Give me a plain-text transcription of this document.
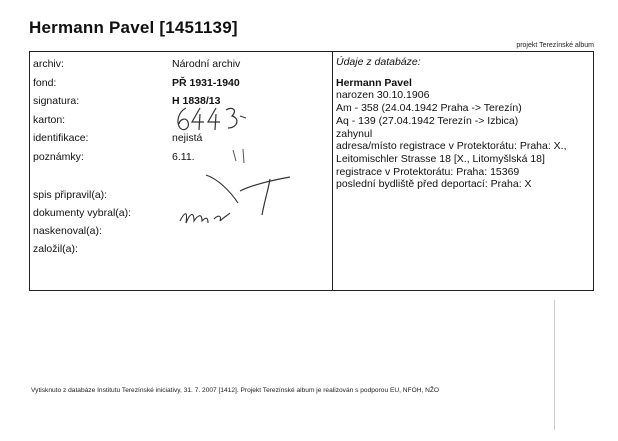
Hermann Pavel [1451139]
projekt Terezínské album
archiv:	Národní archiv
fond:	PŘ 1931-1940
signatura:	H 1838/13
karton:
identifikace:	nejistá
poznámky:	6.11.
spis připravil(a):
dokumenty vybral(a):
naskenoval(a):
založil(a):
Údaje z databáze:
Hermann Pavel
narozen 30.10.1906
Am - 358 (24.04.1942 Praha -> Terezín)
Aq - 139 (27.04.1942 Terezín -> Izbica)
zahynul
adresa/místo registrace v Protektorátu: Praha: X., Leitomischler Strasse 18 [X., Litomyšlská 18]
registrace v Protektorátu: Praha: 15369
poslední bydliště před deportací: Praha: X
Vytisknuto z databáze Institutu Terezínské iniciativy, 31. 7. 2007 [1412]. Projekt Terezínské album je realizován s podporou EU, NFOH, NŽO
